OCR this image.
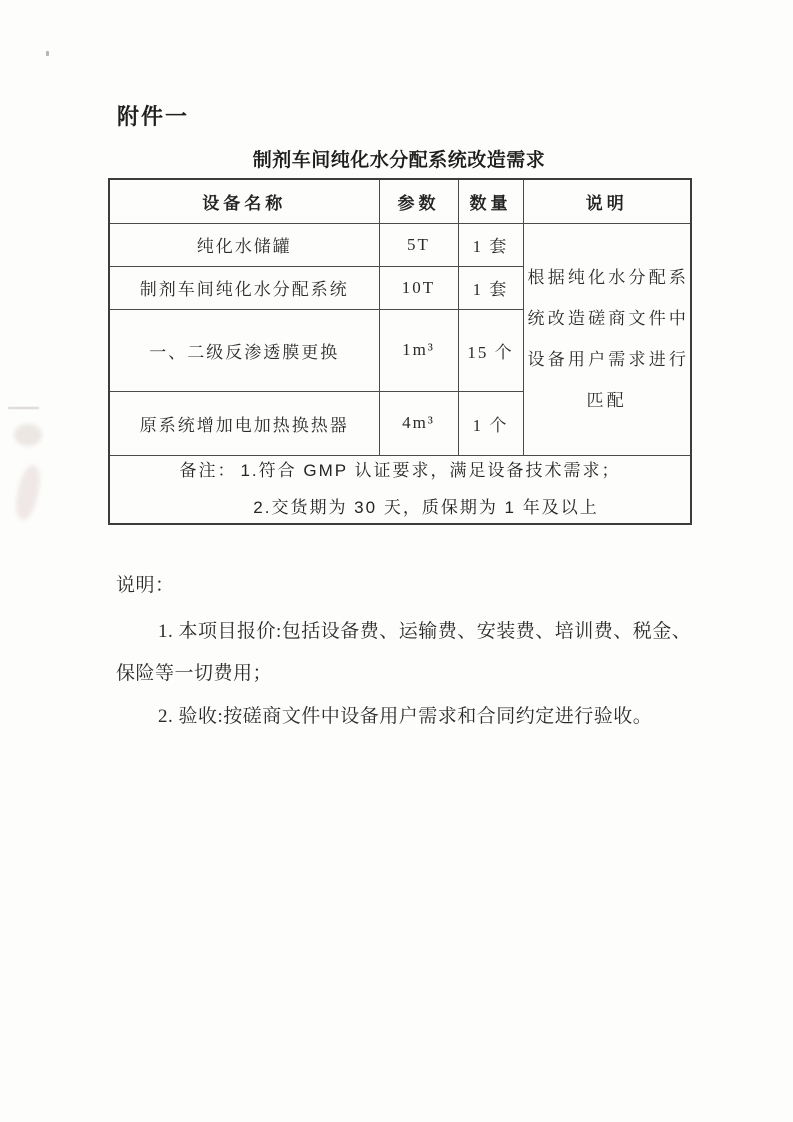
附件一
制剂车间纯化水分配系统改造需求
设备名称	参数	数量	说明
纯化水储罐	5T	1 套	根据纯化水分配系
统改造磋商文件中
设备用户需求进行
匹配

制剂车间纯化水分配系统	10T	1 套	
一、二级反渗透膜更换	1m³	15 个	
原系统增加电加热换热器	4m³	1 个	

备注： 1.符合 GMP 认证要求，满足设备技术需求；
2.交货期为 30 天，质保期为 1 年及以上			
说明：
1. 本项目报价:包括设备费、运输费、安装费、培训费、税金、
保险等一切费用；
2. 验收:按磋商文件中设备用户需求和合同约定进行验收。
